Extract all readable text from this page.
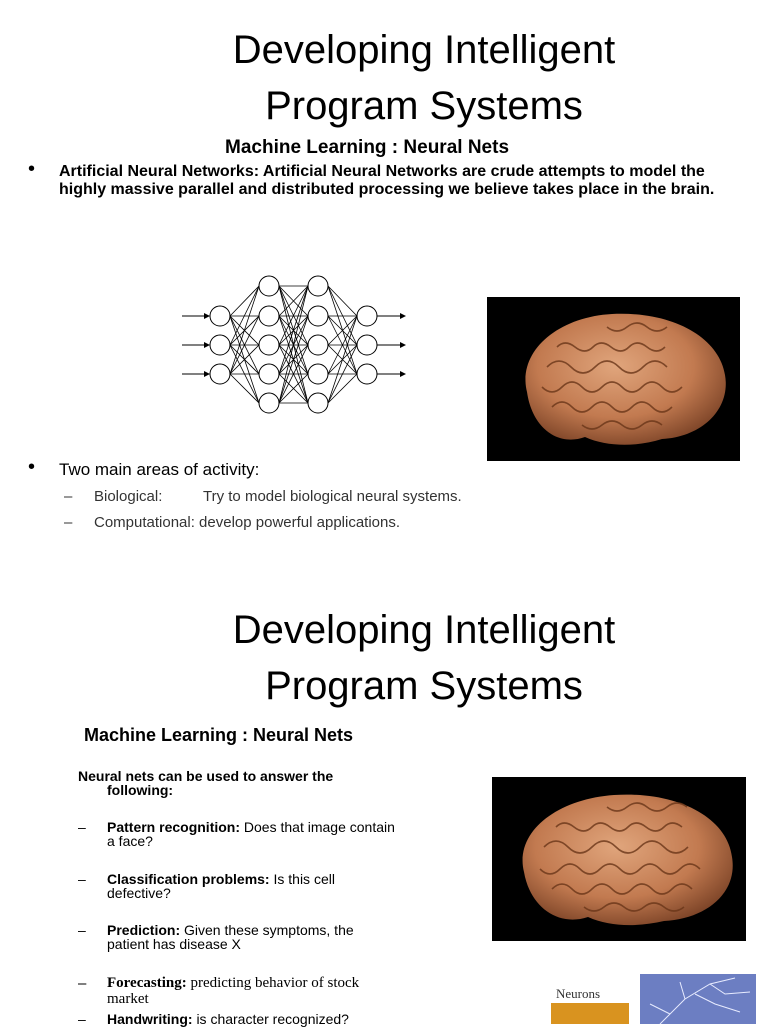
Developing Intelligent
Program Systems
Machine Learning : Neural Nets
• Artificial Neural Networks: Artificial Neural Networks are crude attempts to model the highly massive parallel and distributed processing we believe takes place in the brain.
• Two main areas of activity:
– Biological:	Try to model biological neural systems.
– Computational: develop powerful applications.
Developing Intelligent
Program Systems
Machine Learning : Neural Nets
Neural nets can be used to answer the
following:
– Pattern recognition: Does that image contain
a face?
– Classification problems: Is this cell
defective?
– Prediction: Given these symptoms, the
patient has disease X
– Forecasting: predicting behavior of stock
market
– Handwriting: is character recognized?
Neurons
